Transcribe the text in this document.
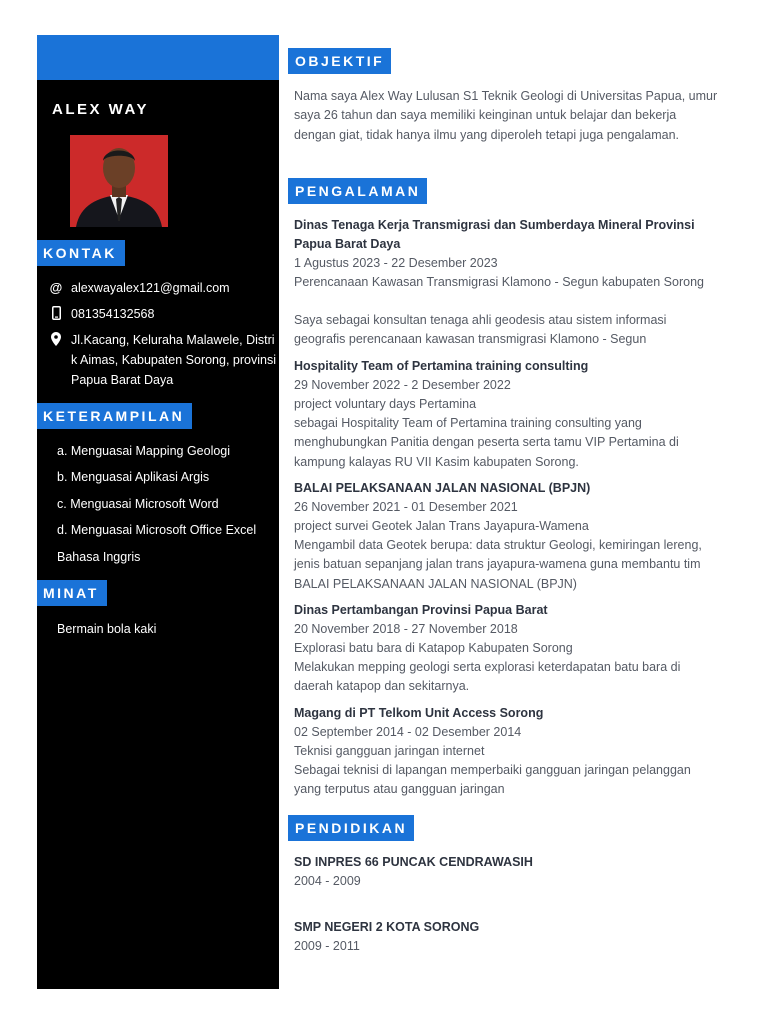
ALEX WAY
KONTAK
@ alexwayalex121@gmail.com
081354132568
Jl.Kacang, Keluraha Malawele, Distrik Aimas, Kabupaten Sorong, provinsi Papua Barat Daya
KETERAMPILAN
a. Menguasai Mapping Geologi
b. Menguasai Aplikasi Argis
c. Menguasai Microsoft Word
d. Menguasai Microsoft Office Excel
Bahasa Inggris
MINAT
Bermain bola kaki
OBJEKTIF
Nama saya Alex Way Lulusan S1 Teknik Geologi di Universitas Papua, umur saya 26 tahun dan saya memiliki keinginan untuk belajar dan bekerja dengan giat, tidak hanya ilmu yang diperoleh tetapi juga pengalaman.
PENGALAMAN
Dinas Tenaga Kerja Transmigrasi dan Sumberdaya Mineral Provinsi Papua Barat Daya
1 Agustus 2023 - 22 Desember 2023
Perencanaan Kawasan Transmigrasi Klamono - Segun kabupaten Sorong
Saya sebagai konsultan tenaga ahli geodesis atau sistem informasi geografis perencanaan kawasan transmigrasi Klamono - Segun
Hospitality Team of Pertamina training consulting
29 November 2022 - 2 Desember 2022
project voluntary days Pertamina
sebagai Hospitality Team of Pertamina training consulting yang menghubungkan Panitia dengan peserta serta tamu VIP Pertamina di kampung kalayas RU VII Kasim kabupaten Sorong.
BALAI PELAKSANAAN JALAN NASIONAL (BPJN)
26 November 2021 - 01 Desember 2021
project survei Geotek Jalan Trans Jayapura-Wamena
Mengambil data Geotek berupa: data struktur Geologi, kemiringan lereng, jenis batuan sepanjang jalan trans jayapura-wamena guna membantu tim BALAI PELAKSANAAN JALAN NASIONAL (BPJN)
Dinas Pertambangan Provinsi Papua Barat
20 November 2018 - 27 November 2018
Explorasi batu bara di Katapop Kabupaten Sorong
Melakukan mepping geologi serta explorasi keterdapatan batu bara di daerah katapop dan sekitarnya.
Magang di PT Telkom Unit Access Sorong
02 September 2014 - 02 Desember 2014
Teknisi gangguan jaringan internet
Sebagai teknisi di lapangan memperbaiki gangguan jaringan pelanggan yang terputus atau gangguan jaringan
PENDIDIKAN
SD INPRES 66 PUNCAK CENDRAWASIH
2004 - 2009
SMP NEGERI 2 KOTA SORONG
2009 - 2011
